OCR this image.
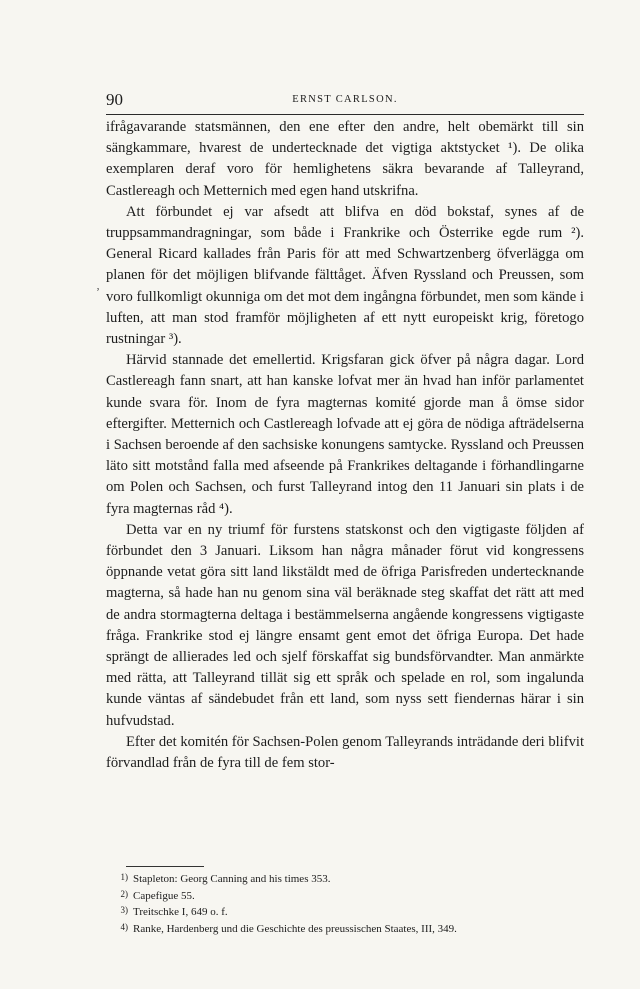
90	ERNST CARLSON.
ʼ

ifrågavarande statsmännen, den ene efter den andre, helt obemärkt till sin sängkammare, hvarest de undertecknade det vigtiga aktstycket ¹). De olika exemplaren deraf voro för hemlighetens säkra bevarande af Talleyrand, Castlereagh och Metternich med egen hand utskrifna.

Att förbundet ej var afsedt att blifva en död bokstaf, synes af de truppsammandragningar, som både i Frankrike och Österrike egde rum ²). General Ricard kallades från Paris för att med Schwartzenberg öfverlägga om planen för det möjligen blifvande fälttåget. Äfven Ryssland och Preussen, som voro fullkomligt okunniga om det mot dem ingångna förbundet, men som kände i luften, att man stod framför möjligheten af ett nytt europeiskt krig, företogo rustningar ³).

Härvid stannade det emellertid. Krigsfaran gick öfver på några dagar. Lord Castlereagh fann snart, att han kanske lofvat mer än hvad han inför parlamentet kunde svara för. Inom de fyra magternas komité gjorde man å ömse sidor eftergifter. Metternich och Castlereagh lofvade att ej göra de nödiga afträdelserna i Sachsen beroende af den sachsiske konungens samtycke. Ryssland och Preussen läto sitt motstånd falla med afseende på Frankrikes deltagande i förhandlingarne om Polen och Sachsen, och furst Talleyrand intog den 11 Januari sin plats i de fyra magternas råd ⁴).

Detta var en ny triumf för furstens statskonst och den vigtigaste följden af förbundet den 3 Januari. Liksom han några månader förut vid kongressens öppnande vetat göra sitt land likstäldt med de öfriga Parisfreden undertecknande magterna, så hade han nu genom sina väl beräknade steg skaffat det rätt att med de andra stormagterna deltaga i bestämmelserna angående kongressens vigtigaste fråga. Frankrike stod ej längre ensamt gent emot det öfriga Europa. Det hade sprängt de allierades led och sjelf förskaffat sig bundsförvandter. Man anmärkte med rätta, att Talleyrand tillät sig ett språk och spelade en rol, som ingalunda kunde väntas af sändebudet från ett land, som nyss sett fiendernas härar i sin hufvudstad.

Efter det komitén för Sachsen-Polen genom Talleyrands inträdande deri blifvit förvandlad från de fyra till de fem stor-

1) Stapleton: Georg Canning and his times 353.
2) Capefigue 55.
3) Treitschke I, 649 o. f.
4) Ranke, Hardenberg und die Geschichte des preussischen Staates, III, 349.
